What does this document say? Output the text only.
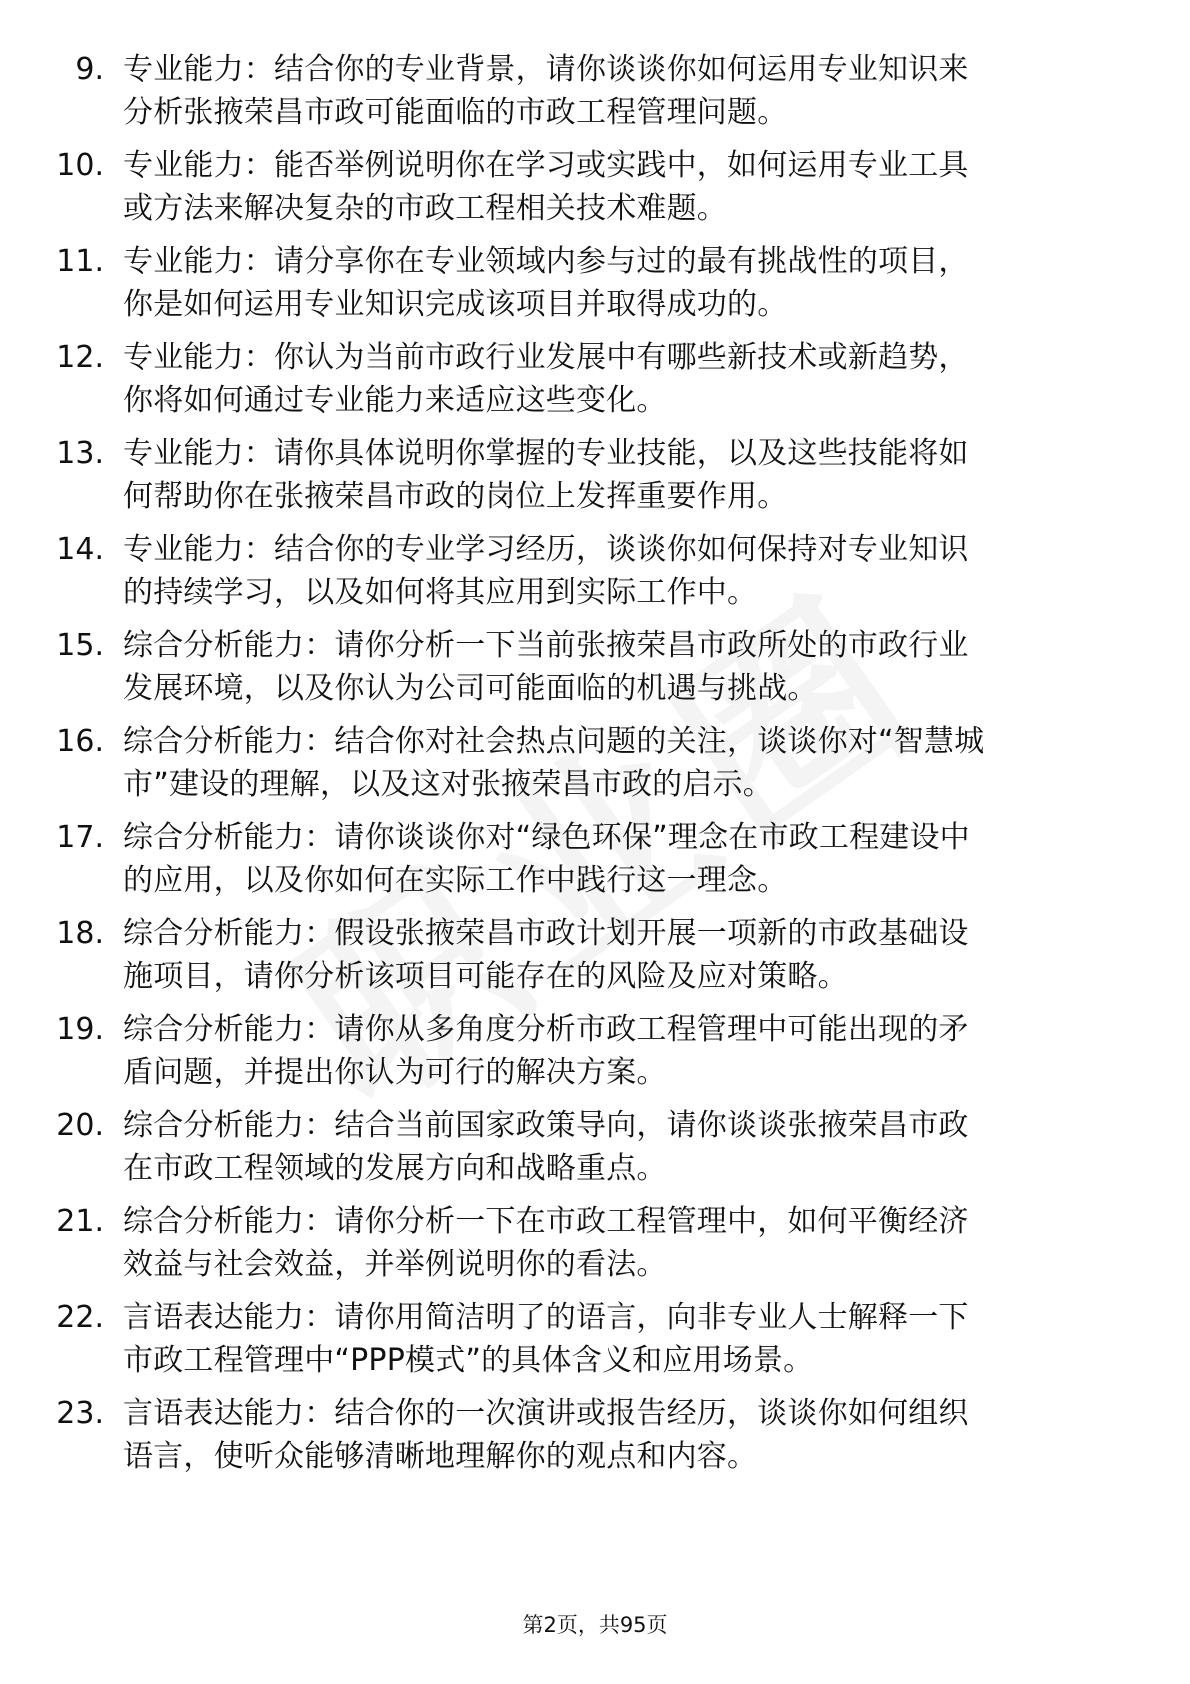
9. 专业能力：结合你的专业背景，请你谈谈你如何运用专业知识来
分析张掖荣昌市政可能面临的市政工程管理问题。
10. 专业能力：能否举例说明你在学习或实践中，如何运用专业工具
或方法来解决复杂的市政工程相关技术难题。
11. 专业能力：请分享你在专业领域内参与过的最有挑战性的项目，
你是如何运用专业知识完成该项目并取得成功的。
12. 专业能力：你认为当前市政行业发展中有哪些新技术或新趋势，
你将如何通过专业能力来适应这些变化。
13. 专业能力：请你具体说明你掌握的专业技能，以及这些技能将如
何帮助你在张掖荣昌市政的岗位上发挥重要作用。
14. 专业能力：结合你的专业学习经历，谈谈你如何保持对专业知识
的持续学习，以及如何将其应用到实际工作中。
15. 综合分析能力：请你分析一下当前张掖荣昌市政所处的市政行业
发展环境，以及你认为公司可能面临的机遇与挑战。
16. 综合分析能力：结合你对社会热点问题的关注，谈谈你对“智慧城
市”建设的理解，以及这对张掖荣昌市政的启示。
17. 综合分析能力：请你谈谈你对“绿色环保”理念在市政工程建设中
的应用，以及你如何在实际工作中践行这一理念。
18. 综合分析能力：假设张掖荣昌市政计划开展一项新的市政基础设
施项目，请你分析该项目可能存在的风险及应对策略。
19. 综合分析能力：请你从多角度分析市政工程管理中可能出现的矛
盾问题，并提出你认为可行的解决方案。
20. 综合分析能力：结合当前国家政策导向，请你谈谈张掖荣昌市政
在市政工程领域的发展方向和战略重点。
21. 综合分析能力：请你分析一下在市政工程管理中，如何平衡经济
效益与社会效益，并举例说明你的看法。
22. 言语表达能力：请你用简洁明了的语言，向非专业人士解释一下
市政工程管理中“PPP模式”的具体含义和应用场景。
23. 言语表达能力：结合你的一次演讲或报告经历，谈谈你如何组织
语言，使听众能够清晰地理解你的观点和内容。
第2页，共95页
